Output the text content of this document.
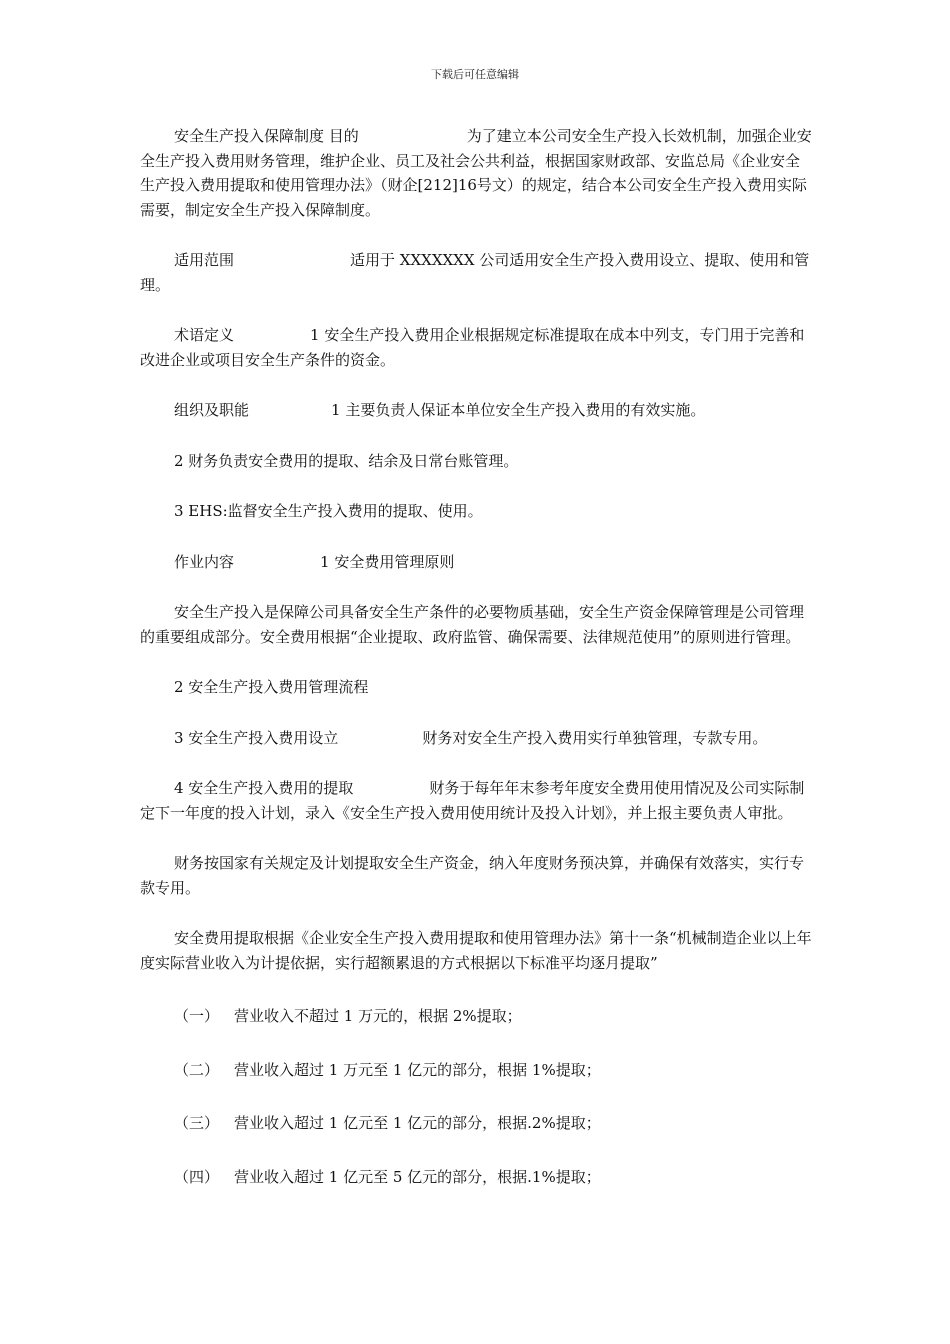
下载后可任意编辑

安全生产投入保障制度 目的	为了建立本公司安全生产投入长效机制，加强企业安全生产投入费用财务管理，维护企业、员工及社会公共利益，根据国家财政部、安监总局《企业安全生产投入费用提取和使用管理办法》（财企[212]16号文）的规定，结合本公司安全生产投入费用实际需要，制定安全生产投入保障制度。

适用范围	适用于 XXXXXXX 公司适用安全生产投入费用设立、提取、使用和管理。

术语定义	1 安全生产投入费用企业根据规定标准提取在成本中列支，专门用于完善和改进企业或项目安全生产条件的资金。

组织及职能	1 主要负责人保证本单位安全生产投入费用的有效实施。

2 财务负责安全费用的提取、结余及日常台账管理。

3 EHS:监督安全生产投入费用的提取、使用。

作业内容	1 安全费用管理原则

安全生产投入是保障公司具备安全生产条件的必要物质基础，安全生产资金保障管理是公司管理的重要组成部分。安全费用根据“企业提取、政府监管、确保需要、法律规范使用”的原则进行管理。

2 安全生产投入费用管理流程

3 安全生产投入费用设立	财务对安全生产投入费用实行单独管理，专款专用。

4 安全生产投入费用的提取	财务于每年年末参考年度安全费用使用情况及公司实际制定下一年度的投入计划，录入《安全生产投入费用使用统计及投入计划》，并上报主要负责人审批。

财务按国家有关规定及计划提取安全生产资金，纳入年度财务预决算，并确保有效落实，实行专款专用。

安全费用提取根据《企业安全生产投入费用提取和使用管理办法》第十一条“机械制造企业以上年度实际营业收入为计提依据，实行超额累退的方式根据以下标准平均逐月提取”

（一） 营业收入不超过 1 万元的，根据 2%提取；

（二） 营业收入超过 1 万元至 1 亿元的部分，根据 1%提取；

（三） 营业收入超过 1 亿元至 1 亿元的部分，根据.2%提取；

（四） 营业收入超过 1 亿元至 5 亿元的部分，根据.1%提取；
